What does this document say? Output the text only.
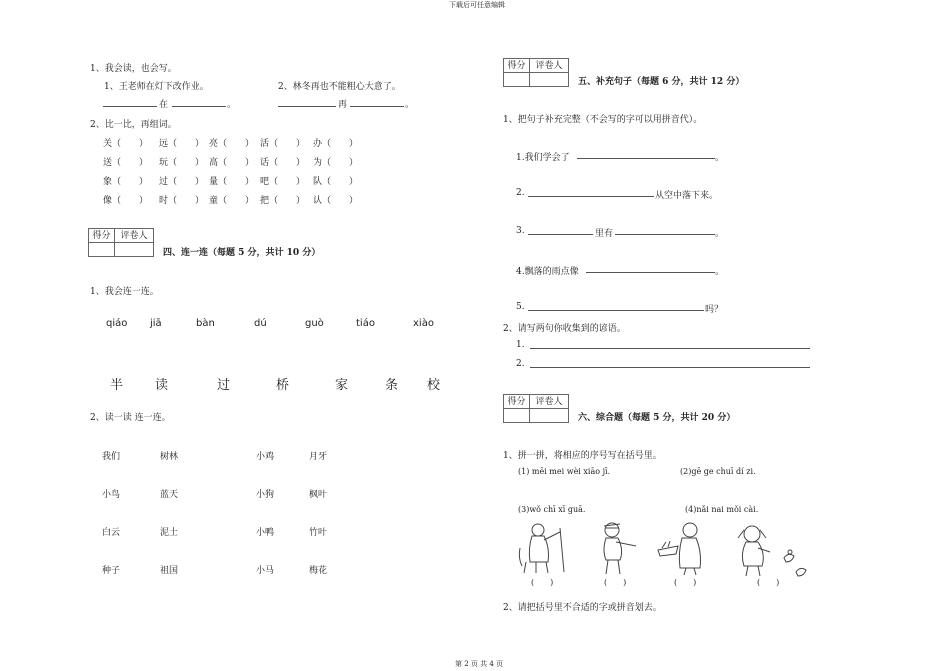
下载后可任意编辑
第 2 页 共 4 页
1、我会读，也会写。
1、王老师在灯下改作业。	2、林冬再也不能粗心大意了。
在	。	再	。
2、比一比，再组词。
关（　　） 远（　　） 亮（　　） 活（　　） 办（　　）
送（　　） 玩（　　） 高（　　） 话（　　） 为（　　）
象（　　） 过（　　） 量（　　） 吧（　　） 队（　　）
像（　　） 时（　　） 童（　　） 把（　　） 认（　　）
得分	评卷人
四、连一连（每题 5 分，共计 10 分）
1、我会连一连。
qiáo jiā	bàn	dú	guò	tiáo	xiào
半 读	过	桥	家	条 校
2、读一读 连一连。
我们	树林	小鸡	月牙
小鸟	蓝天	小狗	枫叶
白云	泥土	小鸭	竹叶
种子	祖国	小马	梅花
得分	评卷人
五、补充句子（每题 6 分，共计 12 分）
1、把句子补充完整（不会写的字可以用拼音代）。
1.我们学会了	。
2.	从空中落下来。
3.	里有	。
4.飘落的雨点像	。
5.	吗？
2、请写两句你收集到的谚语。
1.
2.
得分	评卷人
六、综合题（每题 5 分，共计 20 分）
1、拼一拼，将相应的序号写在括号里。
(1) mēi mei wèi xiāo jī.	(2)gē ge chuī dí zi.
(3)wǒ chī xī guā.	(4)nǎi nai mǒi cài.
(　　)	(　　)	(　　)	(　　)
2、请把括号里不合适的字或拼音划去。
